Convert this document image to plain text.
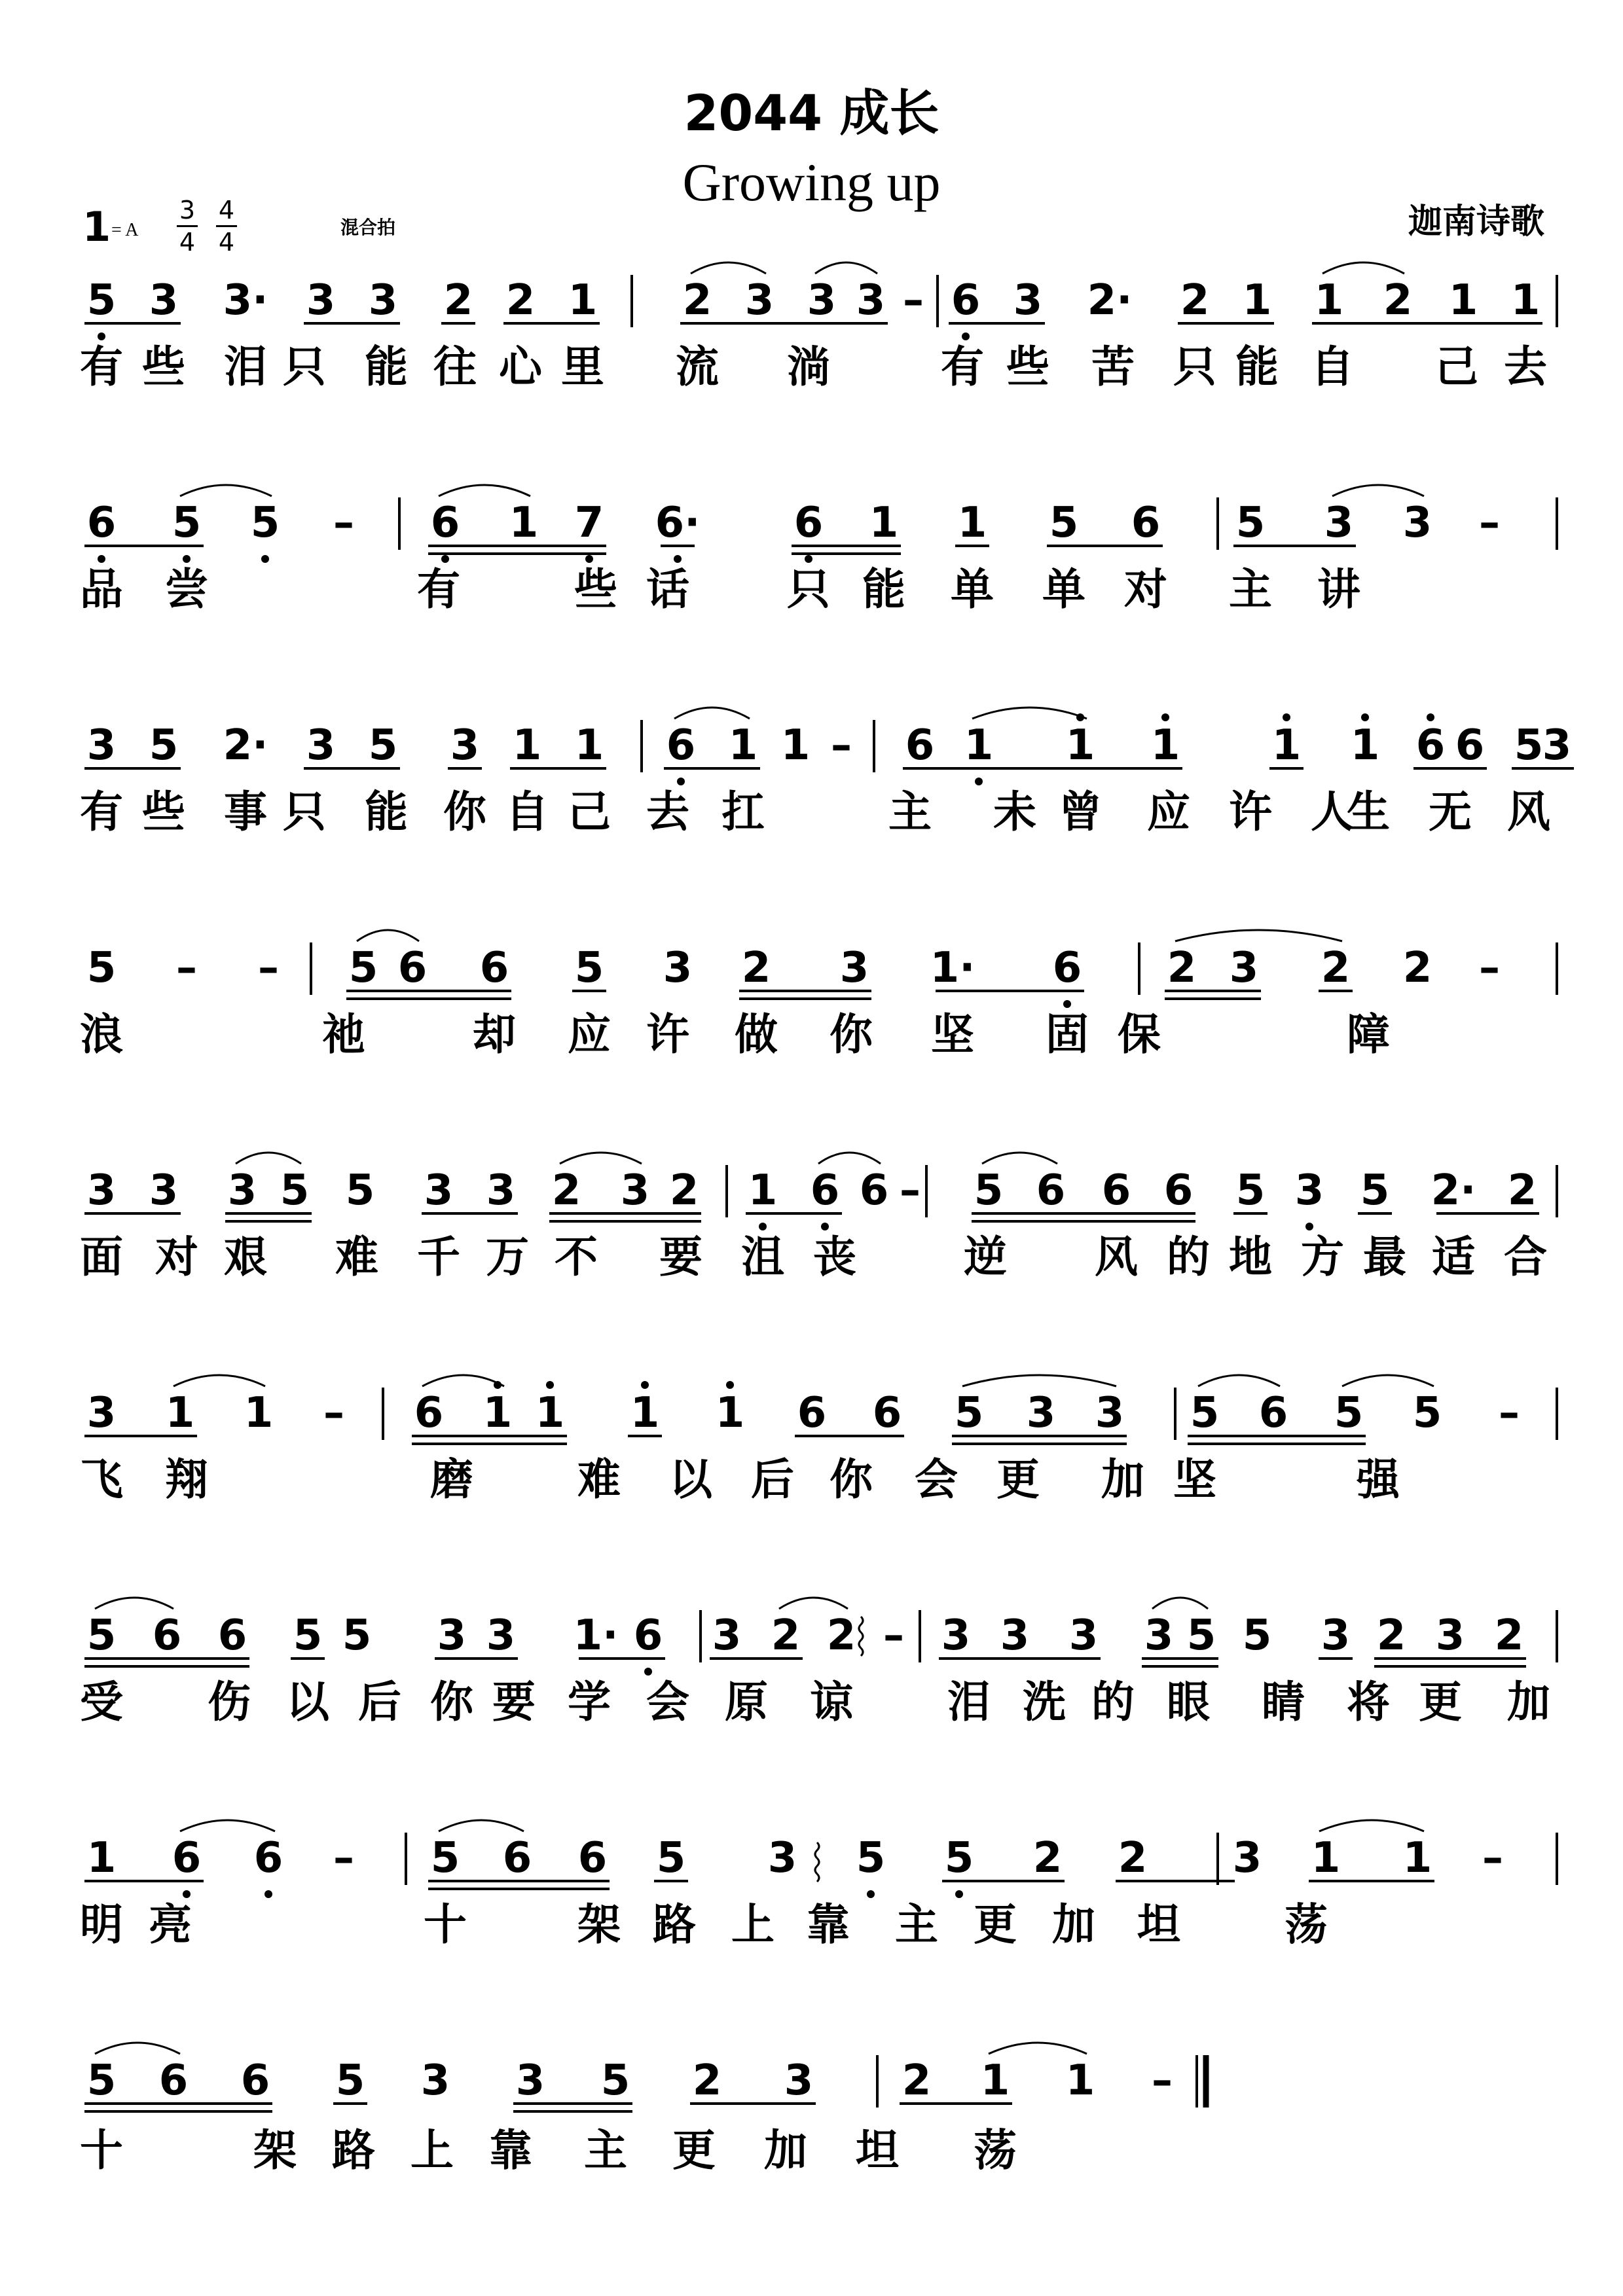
2044 成长
Growing up
迦南诗歌
1 = A
3
4
4
4
混合拍
5 3 3· 3 3 2 2 1 2 3 3 3 – 6 3 2· 2 1 1 2 1 1
6 5 5 – 6 1 7 6· 6 1 1 5 6 5 3 3 –
3 5 2· 3 5 3 1 1 6 1 1 – 6 1 1 1 1 1 6 6 5
3
5 – – 5 6 6 5 3 2 3 1· 6 2 3 2 2 –
3 3 3 5 5 3 3 2 3 2 1 6 6 – 5 6 6 6 5 3 5 2· 2
3 1 1 – 6 1 1 1 1 6 6 5 3 3 5 6 5 5 –
5 6 6 5 5 3 3 1· 6 3 2 2 – 3 3 3 3 5 5 3 2 3 2
1 6 6 – 5 6 6 5 3 5 5 2 2 3 1 1 –
5 6 6 5 3 3 5 2 3 2 1 1 –
有 些 泪 只 能 往 心 里 流 淌	有 些 苦 只 能 自 己 去
品 尝	有	些 话 只 能 单 单 对 主 讲
有 些 事 只 能 你 自 己 去 扛	主 未 曾 应 许 人
生 无 风
浪	祂 却 应 许 做 你 坚 固 保	障
面 对 艰 难 千 万 不 要 沮 丧 逆 风 的 地 方 最 适 合
飞 翔	磨 难 以 后 你 会 更 加 坚	强
受 伤 以 后 你 要 学 会 原 谅 泪 洗 的 眼 睛 将 更 加
明 亮	十	架 路 上 靠 主 更 加 坦 荡
十	架 路 上 靠 主 更 加 坦 荡
